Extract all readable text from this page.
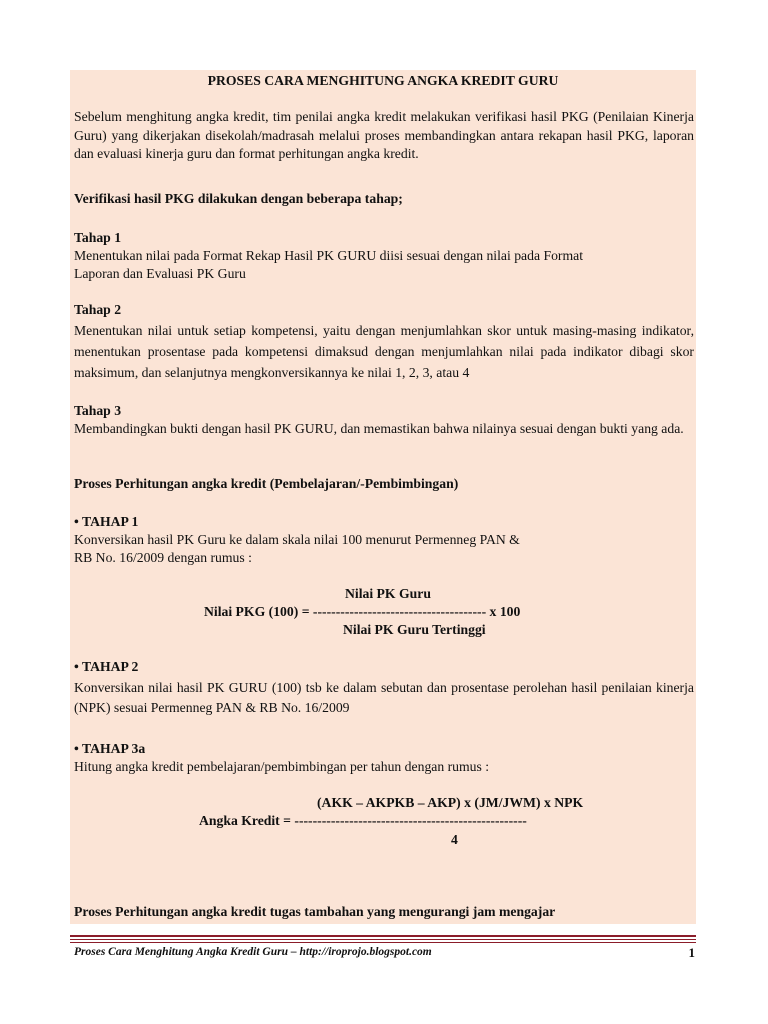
PROSES CARA MENGHITUNG ANGKA KREDIT GURU
Sebelum menghitung angka kredit, tim penilai angka kredit melakukan verifikasi hasil PKG (Penilaian Kinerja Guru) yang dikerjakan disekolah/madrasah melalui proses membandingkan antara rekapan hasil PKG, laporan dan evaluasi kinerja guru dan format perhitungan angka kredit.
Verifikasi hasil PKG dilakukan dengan beberapa tahap;
Tahap 1
Menentukan nilai pada Format Rekap Hasil PK GURU diisi sesuai dengan nilai pada Format
Laporan dan Evaluasi PK Guru
Tahap 2
Menentukan nilai untuk setiap kompetensi, yaitu dengan menjumlahkan skor untuk masing-masing indikator, menentukan prosentase pada kompetensi dimaksud dengan menjumlahkan nilai pada indikator dibagi skor maksimum, dan selanjutnya mengkonversikannya ke nilai 1, 2, 3, atau 4
Tahap 3
Membandingkan bukti dengan hasil PK GURU, dan memastikan bahwa nilainya sesuai dengan bukti yang ada.
Proses Perhitungan angka kredit (Pembelajaran/-Pembimbingan)
• TAHAP 1
Konversikan hasil PK Guru ke dalam skala nilai 100 menurut Permenneg PAN &
RB No. 16/2009 dengan rumus :
Nilai PK Guru
Nilai PKG (100) = -------------------------------------- x 100
Nilai PK Guru Tertinggi
• TAHAP 2
Konversikan nilai hasil PK GURU (100) tsb ke dalam sebutan dan prosentase perolehan hasil penilaian kinerja (NPK) sesuai Permenneg PAN & RB No. 16/2009
• TAHAP 3a
Hitung angka kredit pembelajaran/pembimbingan per tahun dengan rumus :
(AKK – AKPKB – AKP) x (JM/JWM) x NPK
Angka Kredit = ---------------------------------------------------
4
Proses Perhitungan angka kredit tugas tambahan yang mengurangi jam mengajar
Proses Cara Menghitung Angka Kredit Guru – http://iroprojo.blogspot.com	1
